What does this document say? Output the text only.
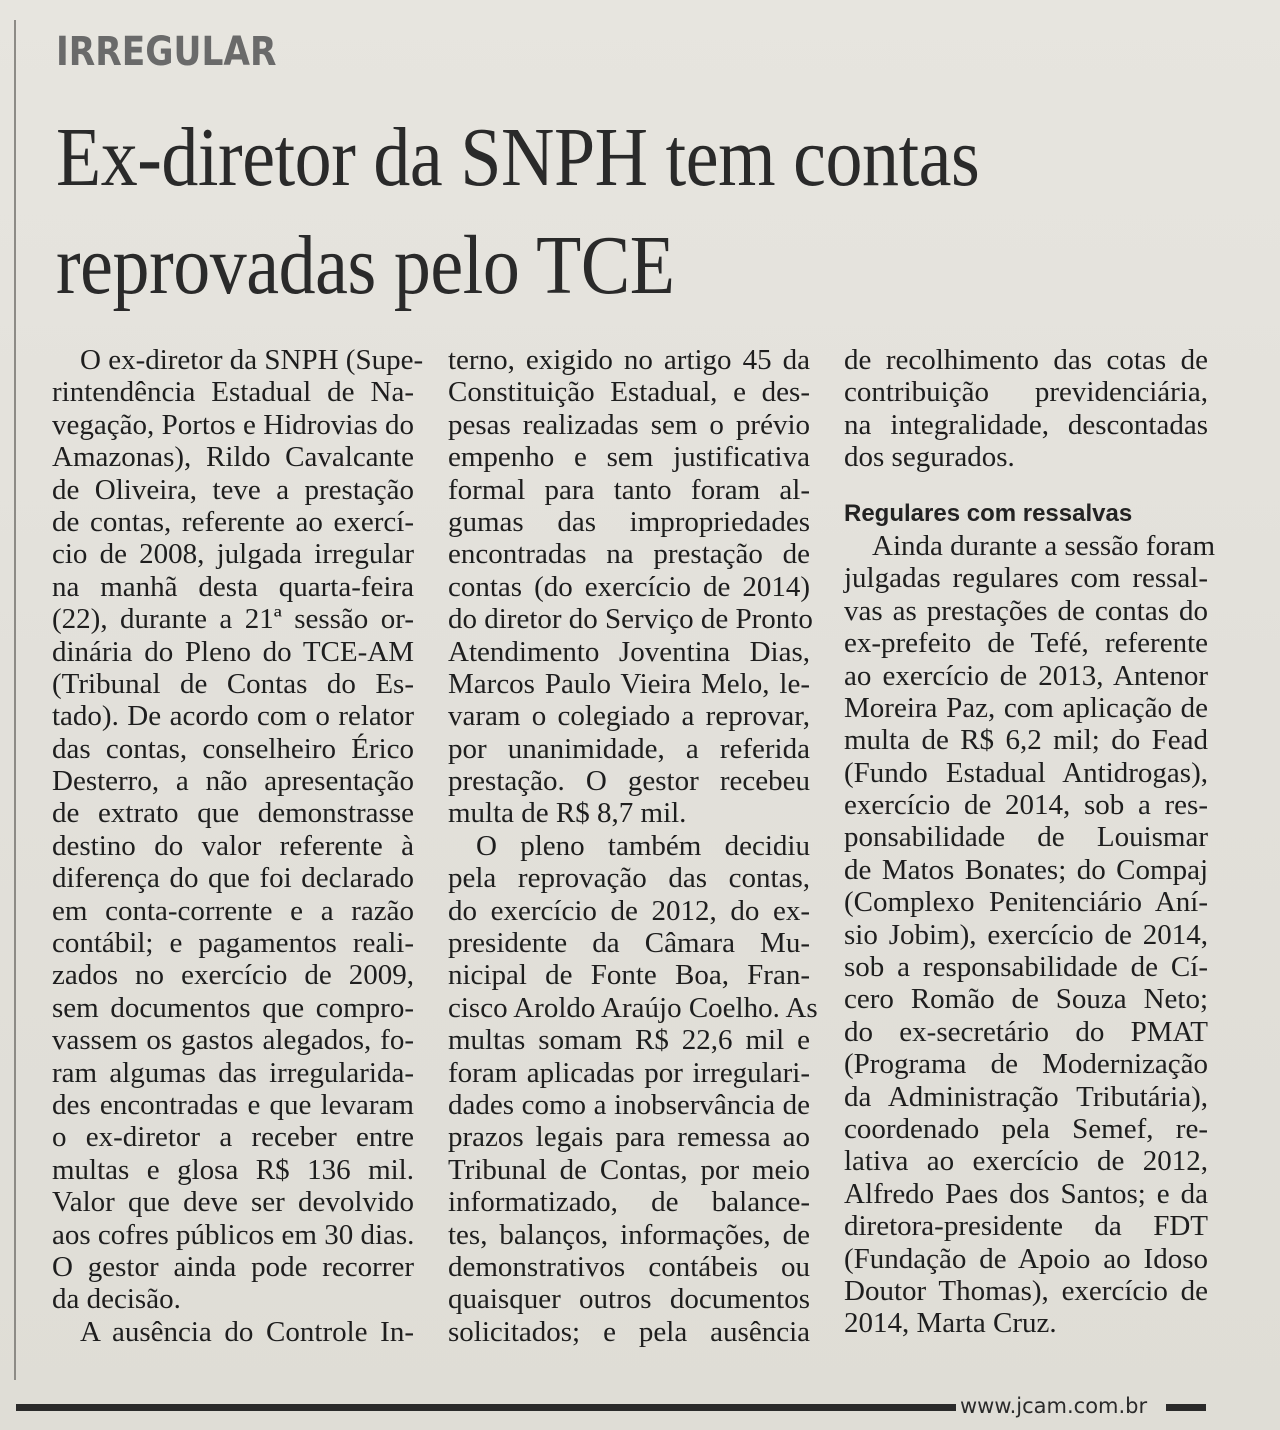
IRREGULAR
Ex-diretor da SNPH tem contas
reprovadas pelo TCE
O ex-diretor da SNPH (Supe-
rintendência Estadual de Na-
vegação, Portos e Hidrovias do
Amazonas), Rildo Cavalcante
de Oliveira, teve a prestação
de contas, referente ao exercí-
cio de 2008, julgada irregular
na manhã desta quarta-feira
(22), durante a 21ª sessão or-
dinária do Pleno do TCE-AM
(Tribunal de Contas do Es-
tado). De acordo com o relator
das contas, conselheiro Érico
Desterro, a não apresentação
de extrato que demonstrasse
destino do valor referente à
diferença do que foi declarado
em conta-corrente e a razão
contábil; e pagamentos reali-
zados no exercício de 2009,
sem documentos que compro-
vassem os gastos alegados, fo-
ram algumas das irregularida-
des encontradas e que levaram
o ex-diretor a receber entre
multas e glosa R$ 136 mil.
Valor que deve ser devolvido
aos cofres públicos em 30 dias.
O gestor ainda pode recorrer
da decisão.
A ausência do Controle In-
terno, exigido no artigo 45 da
Constituição Estadual, e des-
pesas realizadas sem o prévio
empenho e sem justificativa
formal para tanto foram al-
gumas das impropriedades
encontradas na prestação de
contas (do exercício de 2014)
do diretor do Serviço de Pronto
Atendimento Joventina Dias,
Marcos Paulo Vieira Melo, le-
varam o colegiado a reprovar,
por unanimidade, a referida
prestação. O gestor recebeu
multa de R$ 8,7 mil.
O pleno também decidiu
pela reprovação das contas,
do exercício de 2012, do ex-
presidente da Câmara Mu-
nicipal de Fonte Boa, Fran-
cisco Aroldo Araújo Coelho. As
multas somam R$ 22,6 mil e
foram aplicadas por irregulari-
dades como a inobservância de
prazos legais para remessa ao
Tribunal de Contas, por meio
informatizado, de balance-
tes, balanços, informações, de
demonstrativos contábeis ou
quaisquer outros documentos
solicitados; e pela ausência
de recolhimento das cotas de
contribuição previdenciária,
na integralidade, descontadas
dos segurados.
Regulares com ressalvas
Ainda durante a sessão foram
julgadas regulares com ressal-
vas as prestações de contas do
ex-prefeito de Tefé, referente
ao exercício de 2013, Antenor
Moreira Paz, com aplicação de
multa de R$ 6,2 mil; do Fead
(Fundo Estadual Antidrogas),
exercício de 2014, sob a res-
ponsabilidade de Louismar
de Matos Bonates; do Compaj
(Complexo Penitenciário Aní-
sio Jobim), exercício de 2014,
sob a responsabilidade de Cí-
cero Romão de Souza Neto;
do ex-secretário do PMAT
(Programa de Modernização
da Administração Tributária),
coordenado pela Semef, re-
lativa ao exercício de 2012,
Alfredo Paes dos Santos; e da
diretora-presidente da FDT
(Fundação de Apoio ao Idoso
Doutor Thomas), exercício de
2014, Marta Cruz.
www.jcam.com.br
